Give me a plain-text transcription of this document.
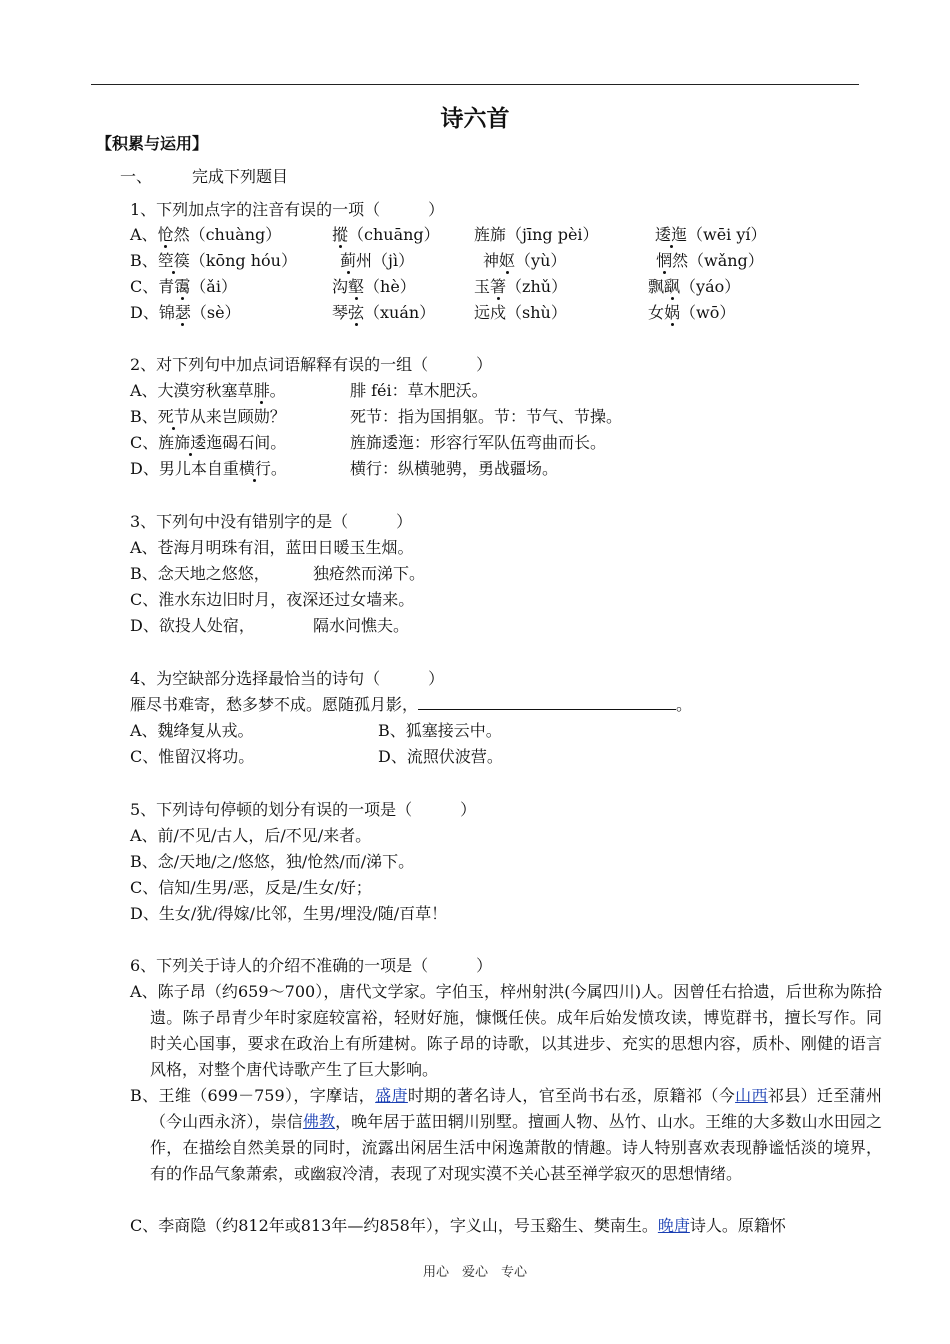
诗六首
【积累与运用】
一、 完成下列题目
1、下列加点字的注音有误的一项（　　　）
A、怆然（chuàng）	摐（chuāng） 旌旆（jīng pèi）	逶迤（wēi yí）
B、箜篌（kōng hóu）	蓟州（jì）	神妪（yù）	惘然（wǎng）
C、青霭（ǎi）	沟壑（hè）	玉箸（zhǔ）	飘飖（yáo）
D、锦瑟（sè）	琴弦（xuán） 远戍（shù）	女娲（wō）
2、对下列句中加点词语解释有误的一组（　　　）
A、大漠穷秋塞草腓。	腓 féi：草木肥沃。
B、死节从来岂顾勋？	死节：指为国捐躯。节：节气、节操。
C、旌旆逶迤碣石间。	旌旆逶迤：形容行军队伍弯曲而长。
D、男儿本自重横行。	横行：纵横驰骋，勇战疆场。
3、下列句中没有错别字的是（　　　）
A、苍海月明珠有泪，蓝田日暖玉生烟。
B、念天地之悠悠，	独疮然而涕下。
C、淮水东边旧时月，夜深还过女墙来。
D、欲投人处宿，	隔水问憔夫。
4、为空缺部分选择最恰当的诗句（　　　）
雁尽书难寄，愁多梦不成。愿随孤月影，	。
A、魏绛复从戎。	B、狐塞接云中。
C、惟留汉将功。	D、流照伏波营。
5、下列诗句停顿的划分有误的一项是（　　　）
A、前/不见/古人，后/不见/来者。
B、念/天地/之/悠悠，独/怆然/而/涕下。
C、信知/生男/恶，反是/生女/好；
D、生女/犹/得嫁/比邻，生男/埋没/随/百草！
6、下列关于诗人的介绍不准确的一项是（　　　）
A、陈子昂（约659～700），唐代文学家。字伯玉，梓州射洪(今属四川)人。因曾任右拾遗，后世称为陈拾遗。陈子昂青少年时家庭较富裕，轻财好施，慷慨任侠。成年后始发愤攻读，博览群书，擅长写作。同时关心国事，要求在政治上有所建树。陈子昂的诗歌，以其进步、充实的思想内容，质朴、刚健的语言风格，对整个唐代诗歌产生了巨大影响。
B、王维（699－759），字摩诘，盛唐时期的著名诗人，官至尚书右丞，原籍祁（今山西祁县）迁至蒲州（今山西永济），崇信佛教，晚年居于蓝田辋川别墅。擅画人物、丛竹、山水。王维的大多数山水田园之作，在描绘自然美景的同时，流露出闲居生活中闲逸萧散的情趣。诗人特别喜欢表现静谧恬淡的境界，有的作品气象萧索，或幽寂冷清，表现了对现实漠不关心甚至禅学寂灭的思想情绪。
C、李商隐（约812年或813年—约858年），字义山，号玉谿生、樊南生。晚唐诗人。原籍怀
用心　爱心　专心
